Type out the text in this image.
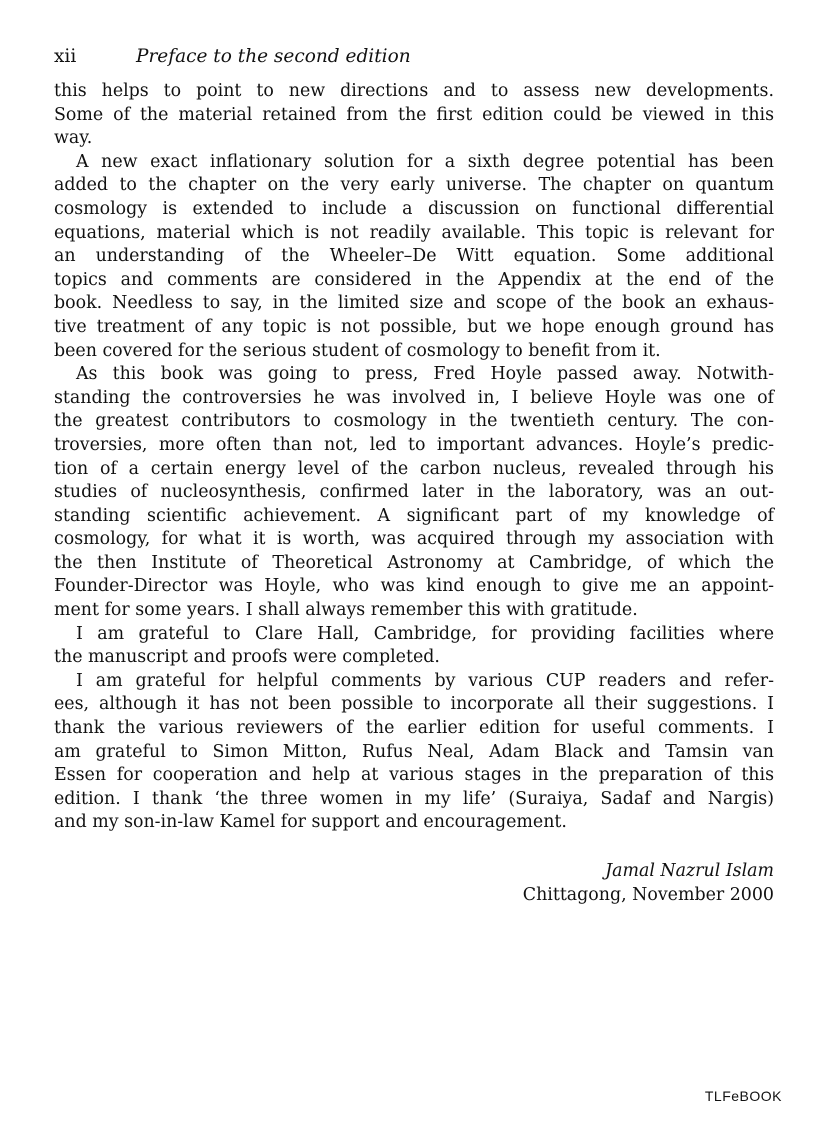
xii	Preface to the second edition
this helps to point to new directions and to assess new developments.
Some of the material retained from the first edition could be viewed in this
way.
A new exact inflationary solution for a sixth degree potential has been
added to the chapter on the very early universe. The chapter on quantum
cosmology is extended to include a discussion on functional differential
equations, material which is not readily available. This topic is relevant for
an understanding of the Wheeler–De Witt equation. Some additional
topics and comments are considered in the Appendix at the end of the
book. Needless to say, in the limited size and scope of the book an exhaus-
tive treatment of any topic is not possible, but we hope enough ground has
been covered for the serious student of cosmology to benefit from it.
As this book was going to press, Fred Hoyle passed away. Notwith-
standing the controversies he was involved in, I believe Hoyle was one of
the greatest contributors to cosmology in the twentieth century. The con-
troversies, more often than not, led to important advances. Hoyle’s predic-
tion of a certain energy level of the carbon nucleus, revealed through his
studies of nucleosynthesis, confirmed later in the laboratory, was an out-
standing scientific achievement. A significant part of my knowledge of
cosmology, for what it is worth, was acquired through my association with
the then Institute of Theoretical Astronomy at Cambridge, of which the
Founder-Director was Hoyle, who was kind enough to give me an appoint-
ment for some years. I shall always remember this with gratitude.
I am grateful to Clare Hall, Cambridge, for providing facilities where
the manuscript and proofs were completed.
I am grateful for helpful comments by various CUP readers and refer-
ees, although it has not been possible to incorporate all their suggestions. I
thank the various reviewers of the earlier edition for useful comments. I
am grateful to Simon Mitton, Rufus Neal, Adam Black and Tamsin van
Essen for cooperation and help at various stages in the preparation of this
edition. I thank ‘the three women in my life’ (Suraiya, Sadaf and Nargis)
and my son-in-law Kamel for support and encouragement.
Jamal Nazrul Islam
Chittagong, November 2000
TLFeBOOK
